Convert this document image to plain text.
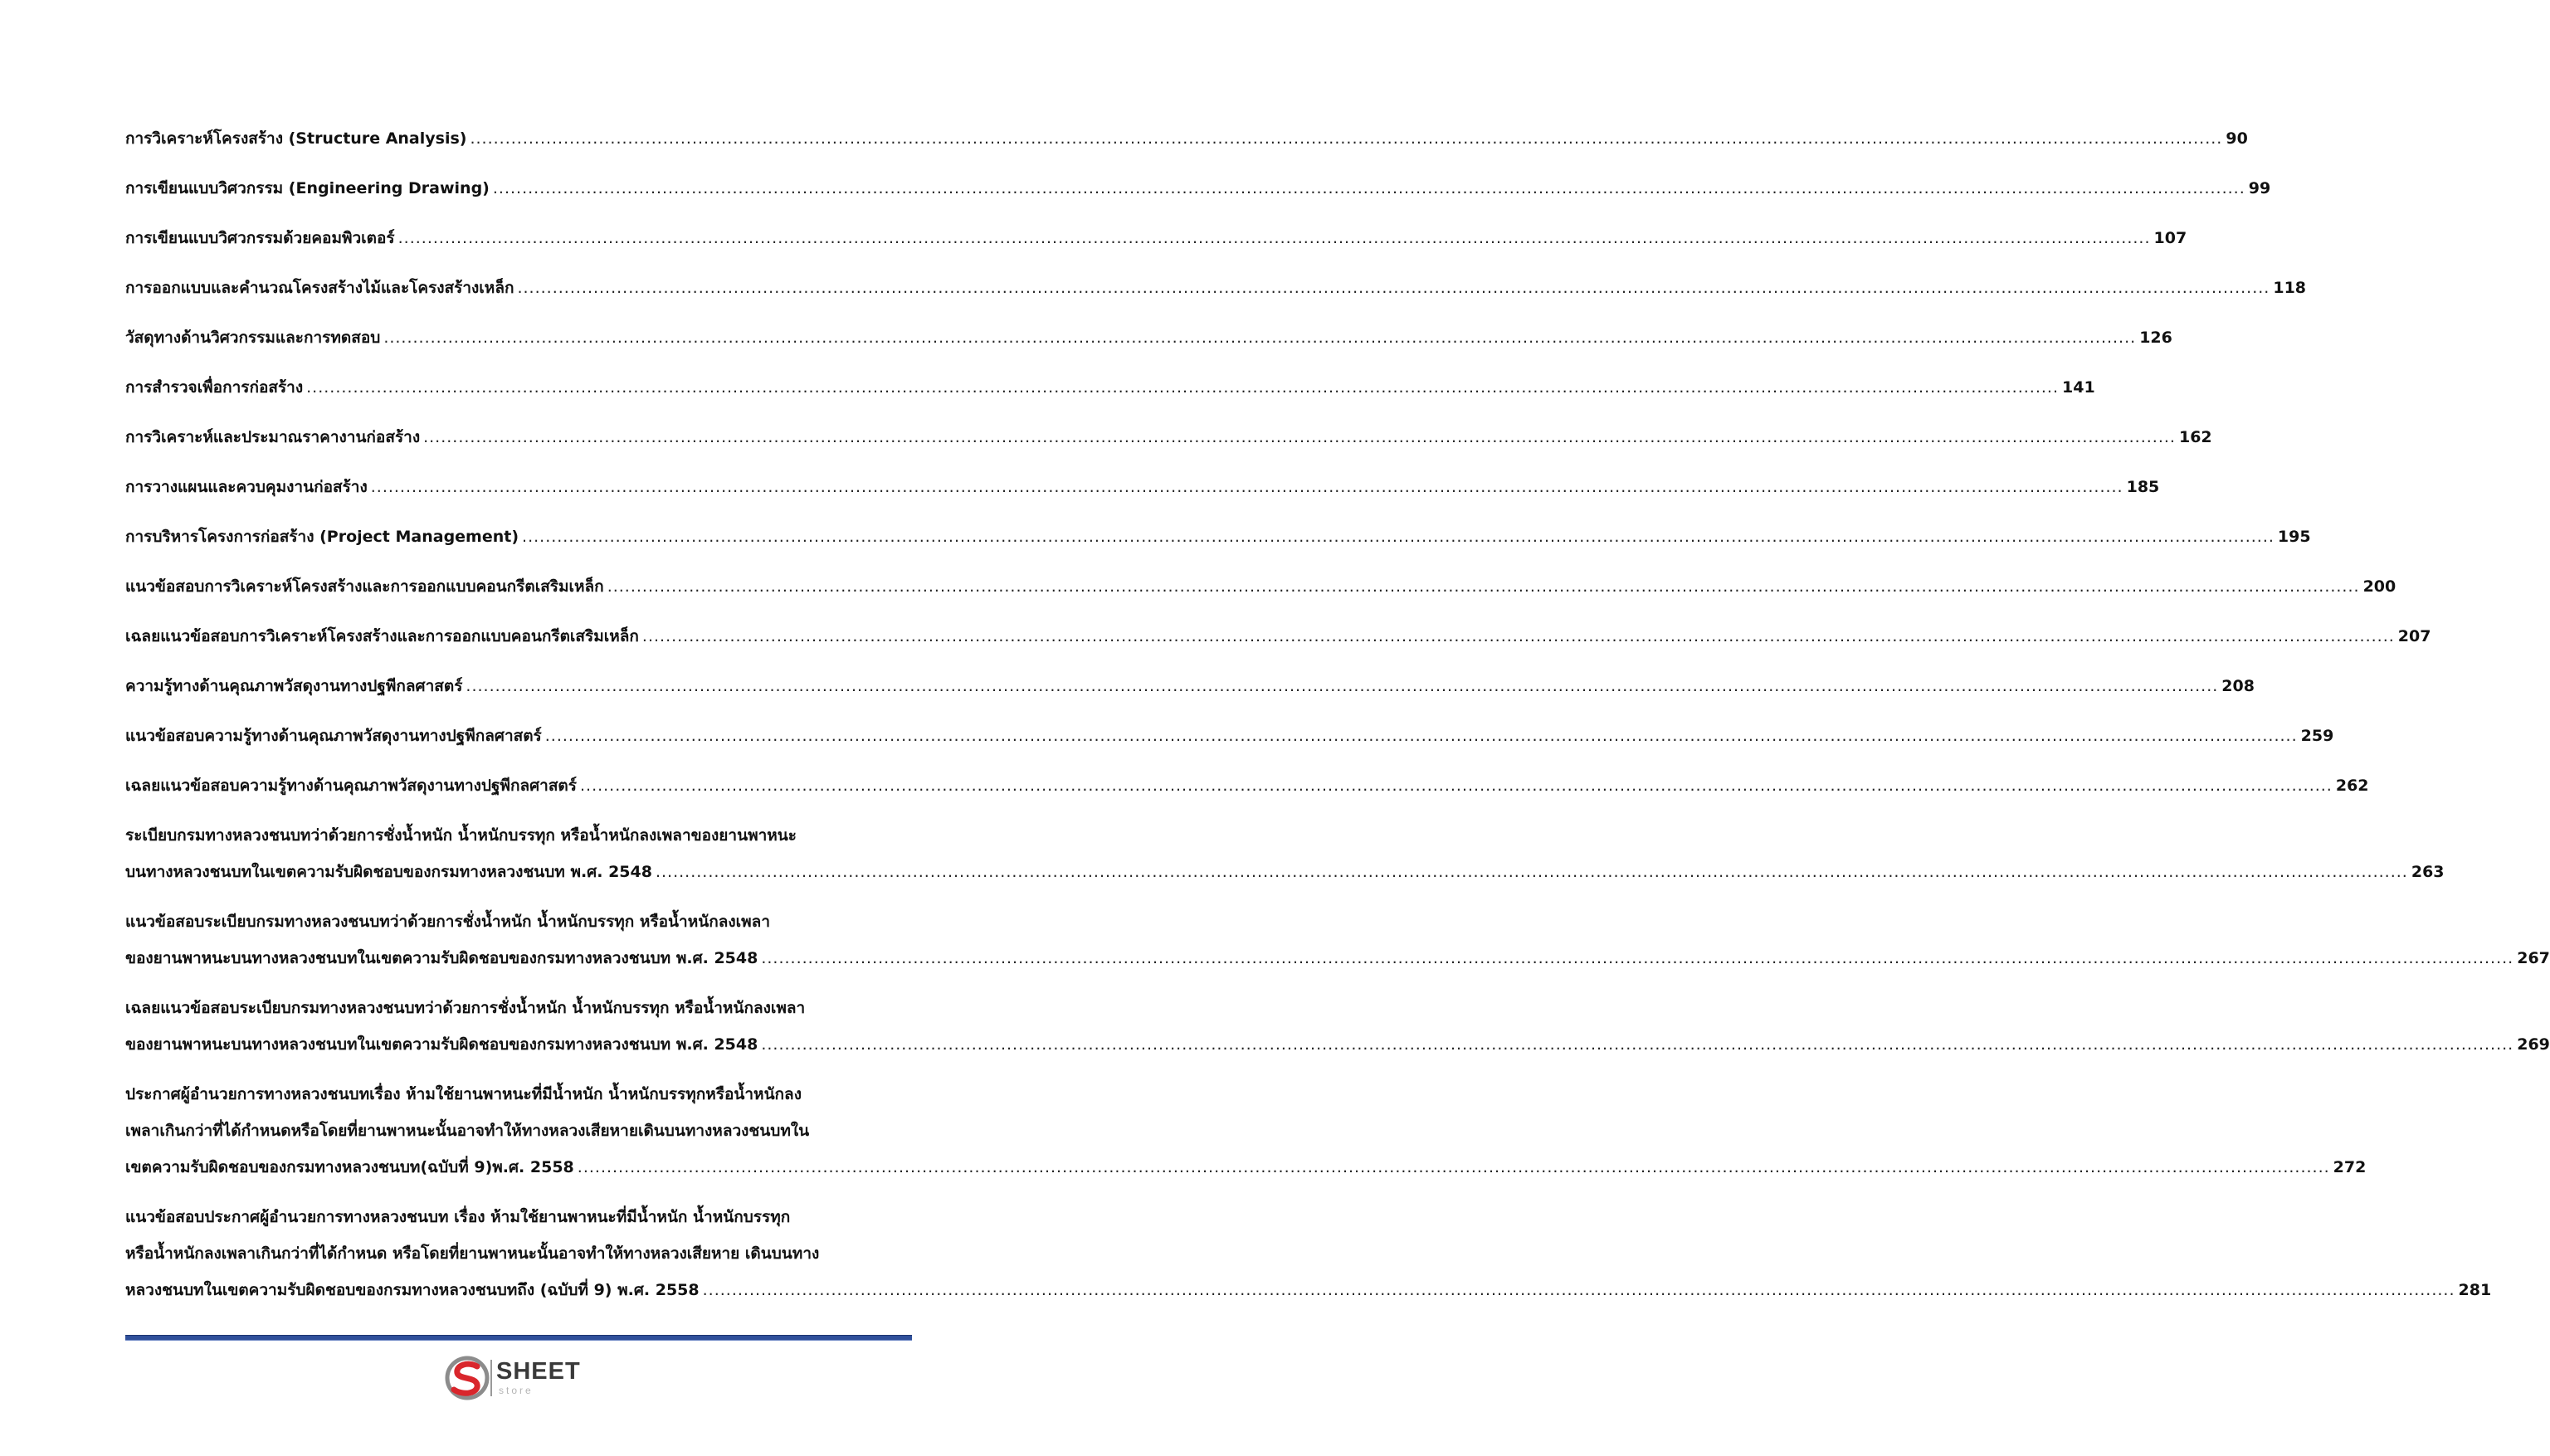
การวิเคราะห์โครงสร้าง (Structure Analysis) ............................................................................................................................................................................................................................................................................................................ 90
การเขียนแบบวิศวกรรม (Engineering Drawing) ............................................................................................................................................................................................................................................................................................................ 99
การเขียนแบบวิศวกรรมด้วยคอมพิวเตอร์ ............................................................................................................................................................................................................................................................................................................ 107
การออกแบบและคำนวณโครงสร้างไม้และโครงสร้างเหล็ก ............................................................................................................................................................................................................................................................................................................ 118
วัสดุทางด้านวิศวกรรมและการทดสอบ ............................................................................................................................................................................................................................................................................................................ 126
การสำรวจเพื่อการก่อสร้าง ............................................................................................................................................................................................................................................................................................................ 141
การวิเคราะห์และประมาณราคางานก่อสร้าง ............................................................................................................................................................................................................................................................................................................ 162
การวางแผนและควบคุมงานก่อสร้าง ............................................................................................................................................................................................................................................................................................................ 185
การบริหารโครงการก่อสร้าง (Project Management) ............................................................................................................................................................................................................................................................................................................ 195
แนวข้อสอบการวิเคราะห์โครงสร้างและการออกแบบคอนกรีตเสริมเหล็ก ............................................................................................................................................................................................................................................................................................................ 200
เฉลยแนวข้อสอบการวิเคราะห์โครงสร้างและการออกแบบคอนกรีตเสริมเหล็ก ............................................................................................................................................................................................................................................................................................................ 207
ความรู้ทางด้านคุณภาพวัสดุงานทางปฐพีกลศาสตร์ ............................................................................................................................................................................................................................................................................................................ 208
แนวข้อสอบความรู้ทางด้านคุณภาพวัสดุงานทางปฐพีกลศาสตร์ ............................................................................................................................................................................................................................................................................................................ 259
เฉลยแนวข้อสอบความรู้ทางด้านคุณภาพวัสดุงานทางปฐพีกลศาสตร์ ............................................................................................................................................................................................................................................................................................................ 262
ระเบียบกรมทางหลวงชนบทว่าด้วยการชั่งน้ำหนัก น้ำหนักบรรทุก หรือน้ำหนักลงเพลาของยานพาหนะ
บนทางหลวงชนบทในเขตความรับผิดชอบของกรมทางหลวงชนบท พ.ศ. 2548 ............................................................................................................................................................................................................................................................................................................ 263
แนวข้อสอบระเบียบกรมทางหลวงชนบทว่าด้วยการชั่งน้ำหนัก น้ำหนักบรรทุก หรือน้ำหนักลงเพลา
ของยานพาหนะบนทางหลวงชนบทในเขตความรับผิดชอบของกรมทางหลวงชนบท พ.ศ. 2548 ............................................................................................................................................................................................................................................................................................................ 267
เฉลยแนวข้อสอบระเบียบกรมทางหลวงชนบทว่าด้วยการชั่งน้ำหนัก น้ำหนักบรรทุก หรือน้ำหนักลงเพลา
ของยานพาหนะบนทางหลวงชนบทในเขตความรับผิดชอบของกรมทางหลวงชนบท พ.ศ. 2548 ............................................................................................................................................................................................................................................................................................................ 269
ประกาศผู้อำนวยการทางหลวงชนบทเรื่อง ห้ามใช้ยานพาหนะที่มีน้ำหนัก น้ำหนักบรรทุกหรือน้ำหนักลง
เพลาเกินกว่าที่ได้กำหนดหรือโดยที่ยานพาหนะนั้นอาจทำให้ทางหลวงเสียหายเดินบนทางหลวงชนบทใน
เขตความรับผิดชอบของกรมทางหลวงชนบท(ฉบับที่ 9)พ.ศ. 2558 ............................................................................................................................................................................................................................................................................................................ 272
แนวข้อสอบประกาศผู้อำนวยการทางหลวงชนบท เรื่อง ห้ามใช้ยานพาหนะที่มีน้ำหนัก น้ำหนักบรรทุก
หรือน้ำหนักลงเพลาเกินกว่าที่ได้กำหนด หรือโดยที่ยานพาหนะนั้นอาจทำให้ทางหลวงเสียหาย เดินบนทาง
หลวงชนบทในเขตความรับผิดชอบของกรมทางหลวงชนบทถึง (ฉบับที่ 9) พ.ศ. 2558 ............................................................................................................................................................................................................................................................................................................ 281
SHEET
store
